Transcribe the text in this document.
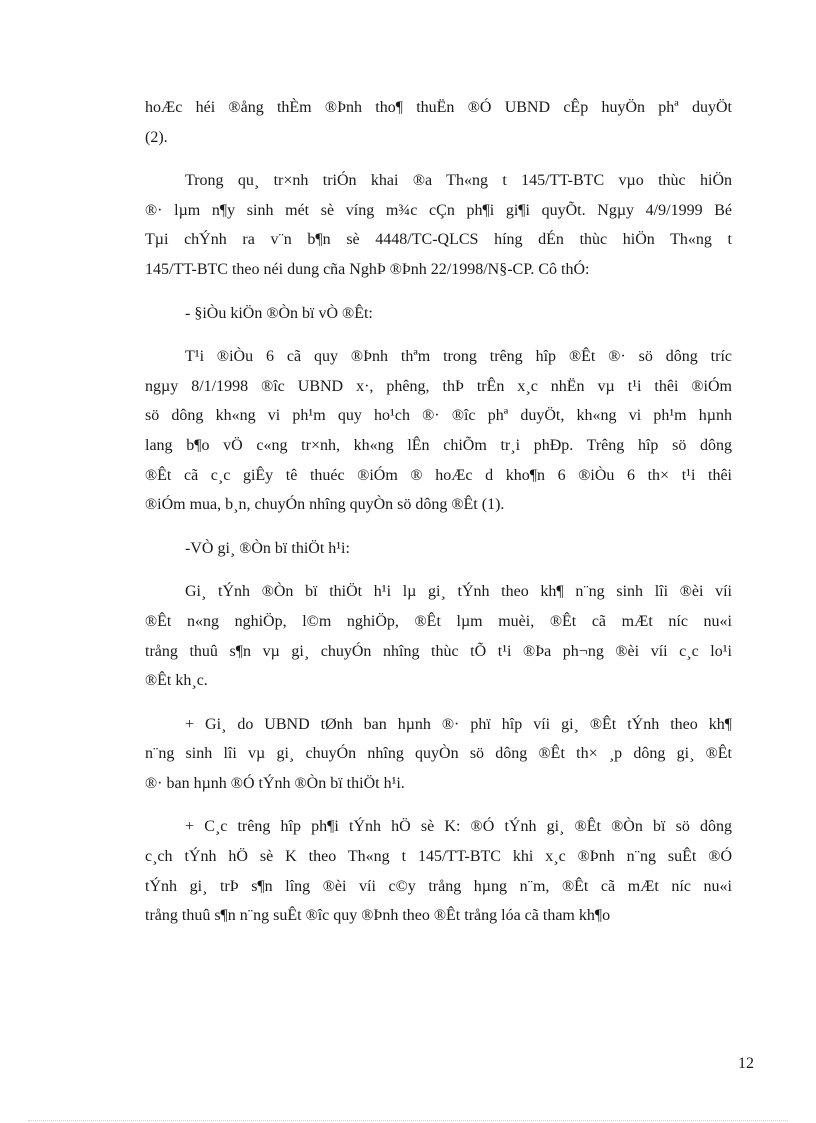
hoÆc héi ®ång thÈm ®Þnh tho¶ thuËn ®Ó UBND cÊp huyÖn phª duyÖt
(2).
Trong qu¸ tr×nh triÓn khai ®a Th«ng t 145/TT-BTC vµo thùc hiÖn
®· lµm n¶y sinh mét sè víng m¾c cÇn ph¶i gi¶i quyÕt. Ngµy 4/9/1999 Bé
Tµi chÝnh ra v¨n b¶n sè 4448/TC-QLCS híng dÉn thùc hiÖn Th«ng t
145/TT-BTC theo néi dung cña NghÞ ®Þnh 22/1998/N§-CP. Cô thÓ:
- §iÒu kiÖn ®Òn bï vÒ ®Êt:
T¹i ®iÒu 6 cã quy ®Þnh thªm trong trêng hîp ®Êt ®· sö dông tríc
ngµy 8/1/1998 ®îc UBND x·, phêng, thÞ trÊn x¸c nhËn vµ t¹i thêi ®iÓm
sö dông kh«ng vi ph¹m quy ho¹ch ®· ®îc phª duyÖt, kh«ng vi ph¹m hµnh
lang b¶o vÖ c«ng tr×nh, kh«ng lÊn chiÕm tr¸i phÐp. Trêng hîp sö dông
®Êt cã c¸c giÊy tê thuéc ®iÓm ® hoÆc d kho¶n 6 ®iÒu 6 th× t¹i thêi
®iÓm mua, b¸n, chuyÓn nhîng quyÒn sö dông ®Êt (1).
-VÒ gi¸ ®Òn bï thiÖt h¹i:
Gi¸ tÝnh ®Òn bï thiÖt h¹i lµ gi¸ tÝnh theo kh¶ n¨ng sinh lîi ®èi víi
®Êt n«ng nghiÖp, l©m nghiÖp, ®Êt lµm muèi, ®Êt cã mÆt níc nu«i
trång thuû s¶n vµ gi¸ chuyÓn nhîng thùc tÕ t¹i ®Þa ph¬ng ®èi víi c¸c lo¹i
®Êt kh¸c.
+ Gi¸ do UBND tØnh ban hµnh ®· phï hîp víi gi¸ ®Êt tÝnh theo kh¶
n¨ng sinh lîi vµ gi¸ chuyÓn nhîng quyÒn sö dông ®Êt th× ¸p dông gi¸ ®Êt
®· ban hµnh ®Ó tÝnh ®Òn bï thiÖt h¹i.
+ C¸c trêng hîp ph¶i tÝnh hÖ sè K: ®Ó tÝnh gi¸ ®Êt ®Òn bï sö dông
c¸ch tÝnh hÖ sè K theo Th«ng t 145/TT-BTC khi x¸c ®Þnh n¨ng suÊt ®Ó
tÝnh gi¸ trÞ s¶n lîng ®èi víi c©y trång hµng n¨m, ®Êt cã mÆt níc nu«i
trång thuû s¶n n¨ng suÊt ®îc quy ®Þnh theo ®Êt trång lóa cã tham kh¶o
12
